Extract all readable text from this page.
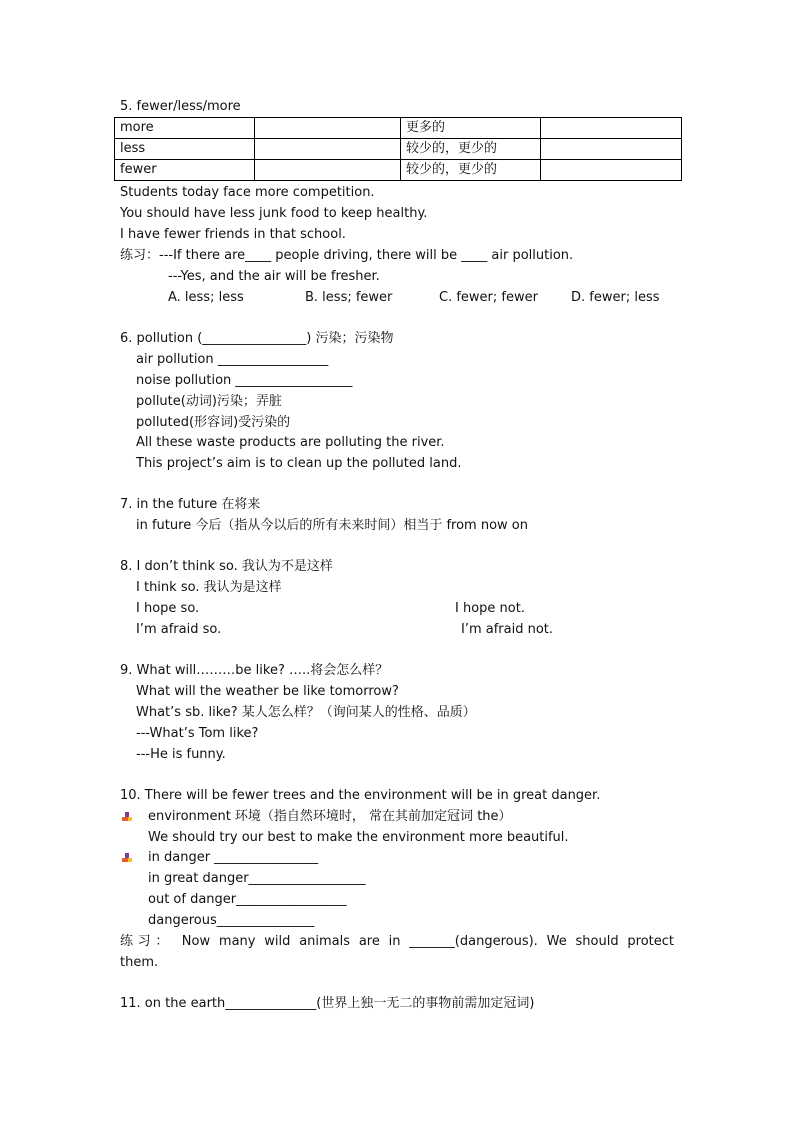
5. fewer/less/more
more		更多的	
less		较少的，更少的	
fewer		较少的，更少的	
Students today face more competition.
You should have less junk food to keep healthy.
I have fewer friends in that school.
练习：---If there are____ people driving, there will be ____ air pollution.
---Yes, and the air will be fresher.
A. less; less	B. less; fewer	C. fewer; fewer	D. fewer; less
6. pollution (________________) 污染；污染物
air pollution _________________
noise pollution __________________
pollute(动词)污染；弄脏
polluted(形容词)受污染的
All these waste products are polluting the river.
This project’s aim is to clean up the polluted land.
7. in the future 在将来
in future 今后（指从今以后的所有未来时间）相当于 from now on
8. I don’t think so. 我认为不是这样
I think so. 我认为是这样
I hope so.	I hope not.
I’m afraid so.	I’m afraid not.
9. What will………be like? …..将会怎么样？
What will the weather be like tomorrow?
What’s sb. like? 某人怎么样？（询问某人的性格、品质）
---What’s Tom like?
---He is funny.
10. There will be fewer trees and the environment will be in great danger.
environment 环境（指自然环境时， 常在其前加定冠词 the）
We should try our best to make the environment more beautiful.
in danger ________________
in great danger__________________
out of danger_________________
dangerous_______________
练习： Now many wild animals are in _______(dangerous). We should protect
them.
11. on the earth______________(世界上独一无二的事物前需加定冠词)
